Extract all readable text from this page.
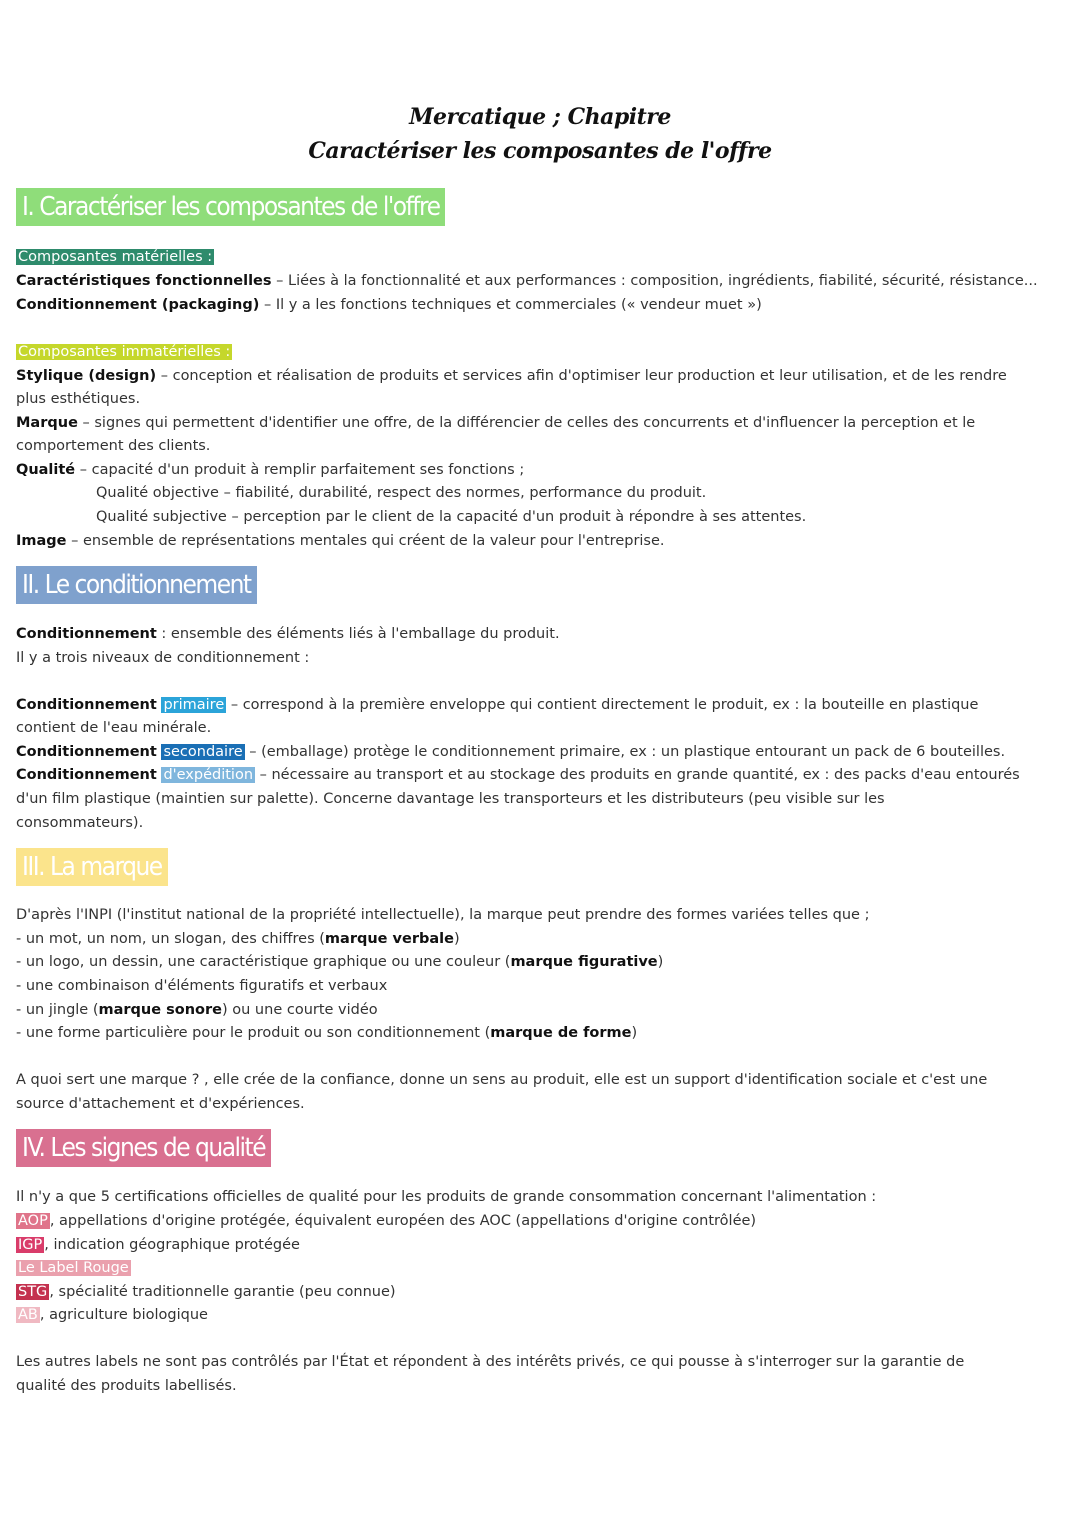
Mercatique ; Chapitre
Caractériser les composantes de l'offre
I. Caractériser les composantes de l'offre
Composantes matérielles :
Caractéristiques fonctionnelles – Liées à la fonctionnalité et aux performances : composition, ingrédients, fiabilité, sécurité, résistance...
Conditionnement (packaging) – Il y a les fonctions techniques et commerciales (« vendeur muet »)
Composantes immatérielles :
Stylique (design) – conception et réalisation de produits et services afin d'optimiser leur production et leur utilisation, et de les rendre
plus esthétiques.
Marque – signes qui permettent d'identifier une offre, de la différencier de celles des concurrents et d'influencer la perception et le
comportement des clients.
Qualité – capacité d'un produit à remplir parfaitement ses fonctions ;
Qualité objective – fiabilité, durabilité, respect des normes, performance du produit.
Qualité subjective – perception par le client de la capacité d'un produit à répondre à ses attentes.
Image – ensemble de représentations mentales qui créent de la valeur pour l'entreprise.
II. Le conditionnement
Conditionnement : ensemble des éléments liés à l'emballage du produit.
Il y a trois niveaux de conditionnement :
Conditionnement primaire – correspond à la première enveloppe qui contient directement le produit, ex : la bouteille en plastique
contient de l'eau minérale.
Conditionnement secondaire – (emballage) protège le conditionnement primaire, ex : un plastique entourant un pack de 6 bouteilles.
Conditionnement d'expédition – nécessaire au transport et au stockage des produits en grande quantité, ex : des packs d'eau entourés
d'un film plastique (maintien sur palette). Concerne davantage les transporteurs et les distributeurs (peu visible sur les
consommateurs).
III. La marque
D'après l'INPI (l'institut national de la propriété intellectuelle), la marque peut prendre des formes variées telles que ;
- un mot, un nom, un slogan, des chiffres (marque verbale)
- un logo, un dessin, une caractéristique graphique ou une couleur (marque figurative)
- une combinaison d'éléments figuratifs et verbaux
- un jingle (marque sonore) ou une courte vidéo
- une forme particulière pour le produit ou son conditionnement (marque de forme)
A quoi sert une marque ? , elle crée de la confiance, donne un sens au produit, elle est un support d'identification sociale et c'est une
source d'attachement et d'expériences.
IV. Les signes de qualité
Il n'y a que 5 certifications officielles de qualité pour les produits de grande consommation concernant l'alimentation :
AOP , appellations d'origine protégée, équivalent européen des AOC (appellations d'origine contrôlée)
IGP , indication géographique protégée
Le Label Rouge
STG , spécialité traditionnelle garantie (peu connue)
AB , agriculture biologique
Les autres labels ne sont pas contrôlés par l'État et répondent à des intérêts privés, ce qui pousse à s'interroger sur la garantie de
qualité des produits labellisés.
